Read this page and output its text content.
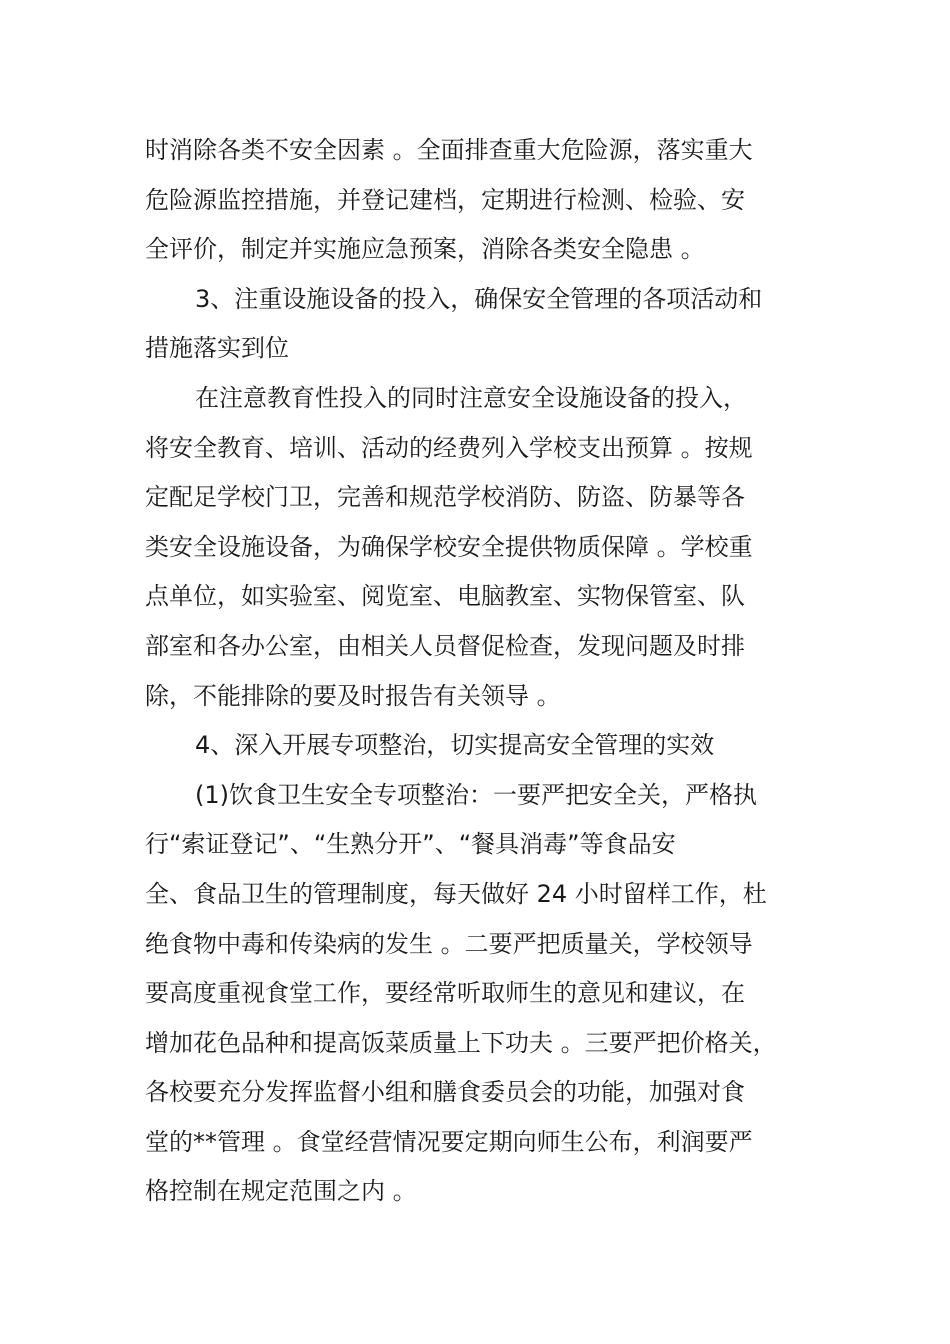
时消除各类不安全因素 。全面排查重大危险源，落实重大
危险源监控措施，并登记建档，定期进行检测、检验、安
全评价，制定并实施应急预案，消除各类安全隐患 。
3、注重设施设备的投入，确保安全管理的各项活动和
措施落实到位
在注意教育性投入的同时注意安全设施设备的投入，
将安全教育、培训、活动的经费列入学校支出预算 。按规
定配足学校门卫，完善和规范学校消防、防盗、防暴等各
类安全设施设备，为确保学校安全提供物质保障 。学校重
点单位，如实验室、阅览室、电脑教室、实物保管室、队
部室和各办公室，由相关人员督促检查，发现问题及时排
除，不能排除的要及时报告有关领导 。
4、深入开展专项整治，切实提高安全管理的实效
(1)饮食卫生安全专项整治：一要严把安全关，严格执
行“索证登记”、“生熟分开”、“餐具消毒”等食品安
全、食品卫生的管理制度，每天做好 24 小时留样工作，杜
绝食物中毒和传染病的发生 。二要严把质量关，学校领导
要高度重视食堂工作，要经常听取师生的意见和建议，在
增加花色品种和提高饭菜质量上下功夫 。三要严把价格关，
各校要充分发挥监督小组和膳食委员会的功能，加强对食
堂的**管理 。食堂经营情况要定期向师生公布，利润要严
格控制在规定范围之内 。
